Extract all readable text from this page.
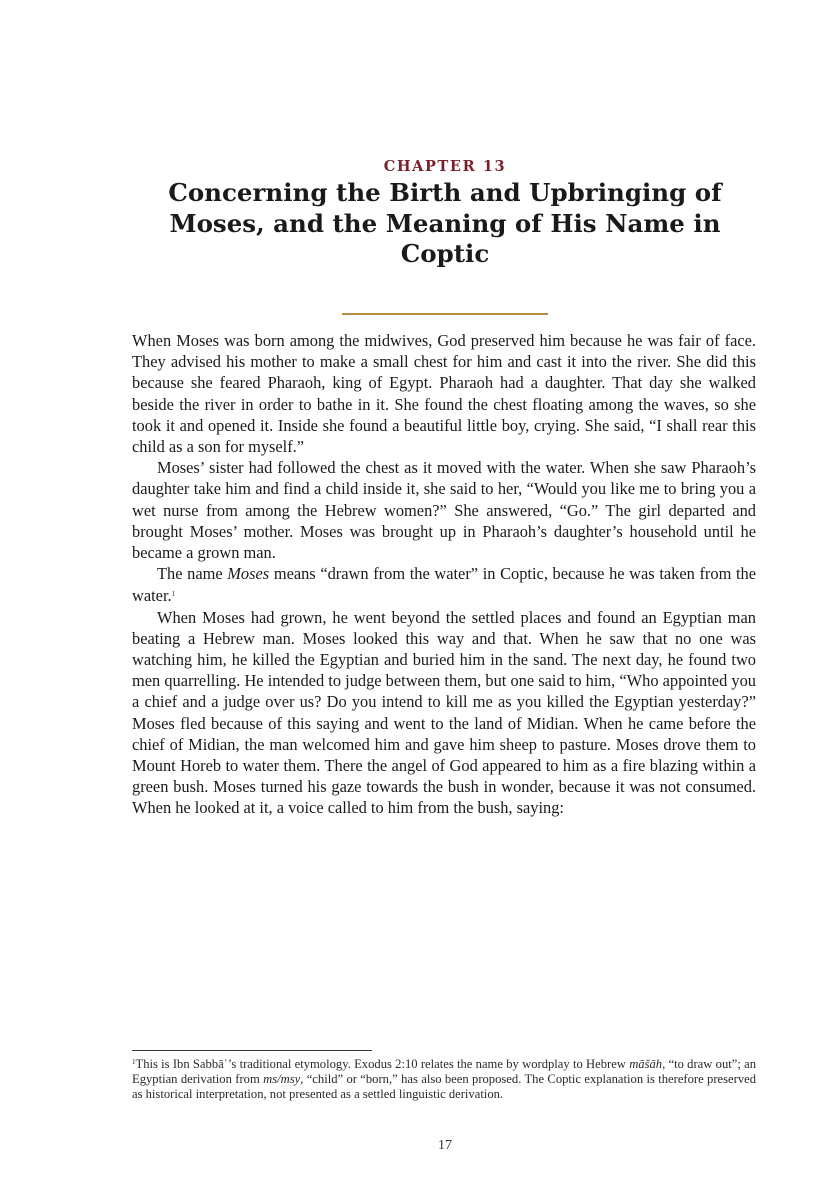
CHAPTER 13
Concerning the Birth and Upbringing of
Moses, and the Meaning of His Name in
Coptic

When Moses was born among the midwives, God preserved him because he was fair of face. They advised his mother to make a small chest for him and cast it into the river. She did this because she feared Pharaoh, king of Egypt. Pharaoh had a daughter. That day she walked beside the river in order to bathe in it. She found the chest floating among the waves, so she took it and opened it. Inside she found a beautiful little boy, crying. She said, “I shall rear this child as a son for myself.”

Moses’ sister had followed the chest as it moved with the water. When she saw Pharaoh’s daughter take him and find a child inside it, she said to her, “Would you like me to bring you a wet nurse from among the Hebrew women?” She answered, “Go.” The girl departed and brought Moses’ mother. Moses was brought up in Pharaoh’s daughter’s household until he became a grown man.

The name Moses means “drawn from the water” in Coptic, because he was taken from the water.$^1$

When Moses had grown, he went beyond the settled places and found an Egyptian man beating a Hebrew man. Moses looked this way and that. When he saw that no one was watching him, he killed the Egyptian and buried him in the sand. The next day, he found two men quarrelling. He intended to judge between them, but one said to him, “Who appointed you a chief and a judge over us? Do you intend to kill me as you killed the Egyptian yesterday?” Moses fled because of this saying and went to the land of Midian. When he came before the chief of Midian, the man welcomed him and gave him sheep to pasture. Moses drove them to Mount Horeb to water them. There the angel of God appeared to him as a fire blazing within a green bush. Moses turned his gaze towards the bush in wonder, because it was not consumed. When he looked at it, a voice called to him from the bush, saying:

$^1$This is Ibn Sabbāʿ’s traditional etymology. Exodus 2:10 relates the name by wordplay to Hebrew māšāh, “to draw out”; an Egyptian derivation from ms/msy, “child” or “born,” has also been proposed. The Coptic explanation is therefore preserved as historical interpretation, not presented as a settled linguistic derivation.
17
